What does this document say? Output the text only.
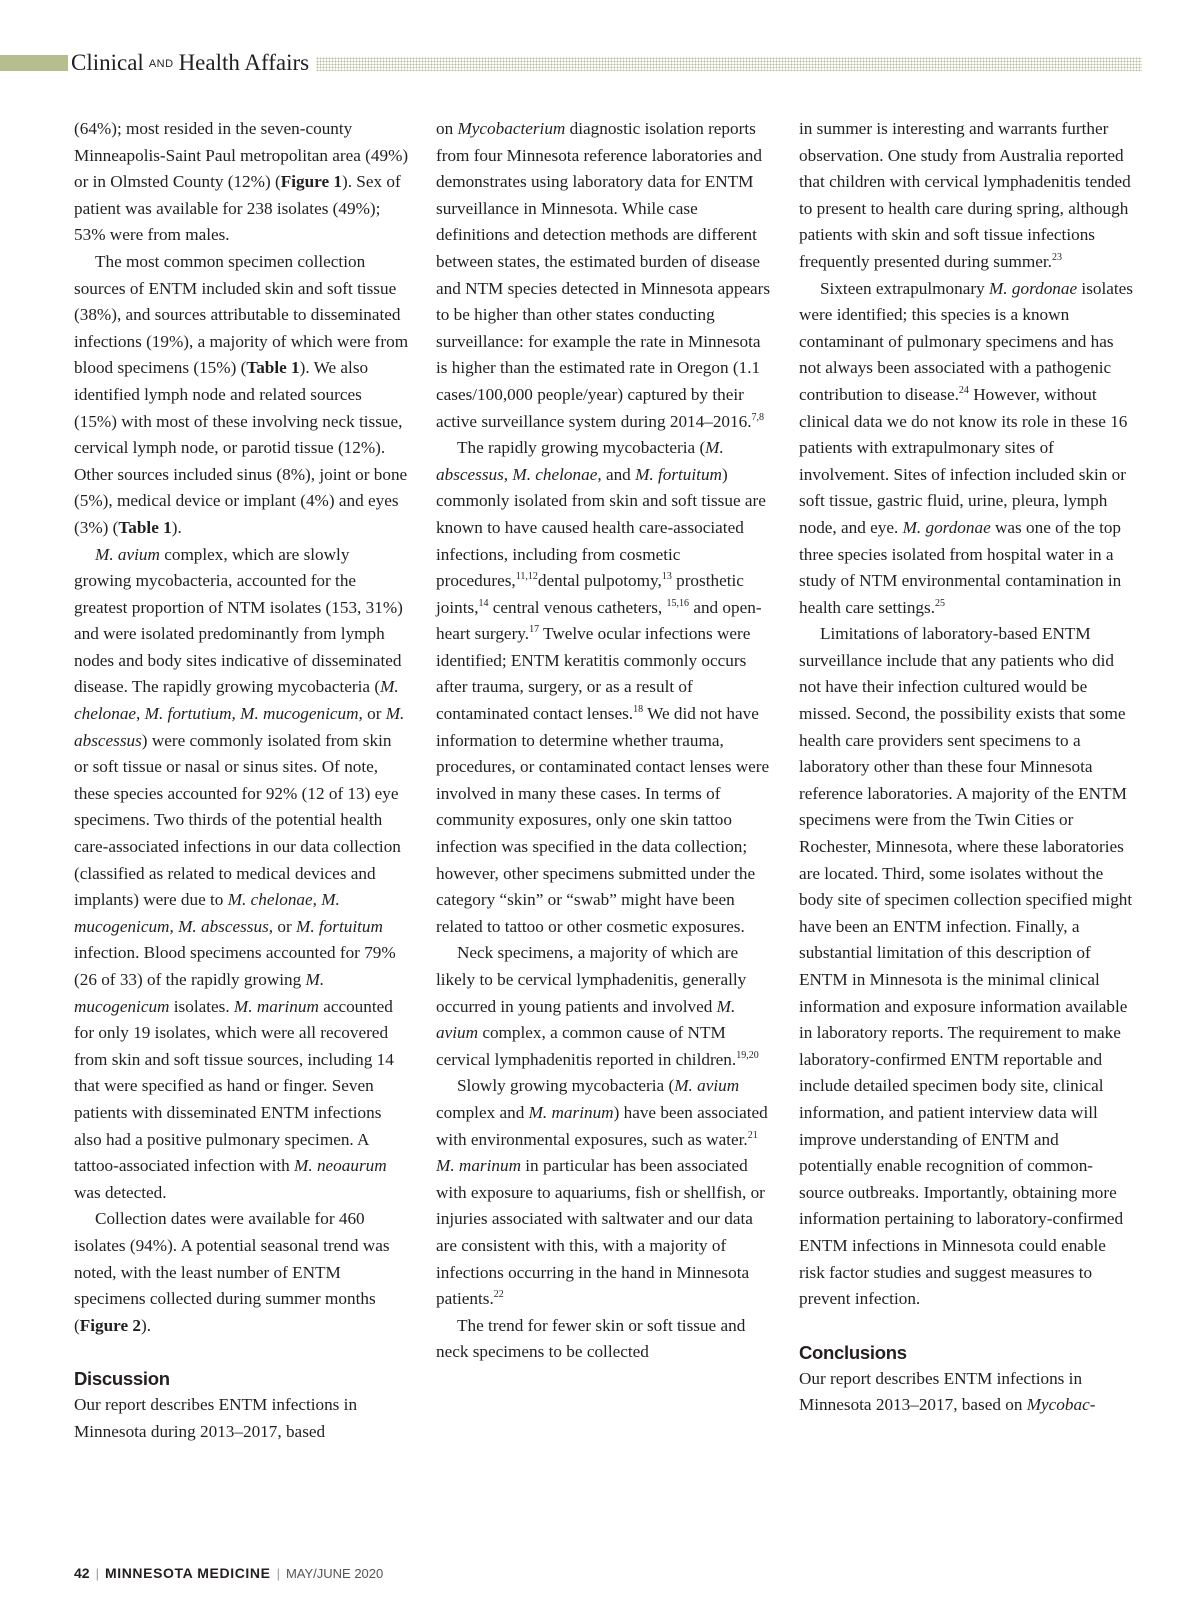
Clinical AND Health Affairs

(64%); most resided in the seven-county Minneapolis-Saint Paul metropolitan area (49%) or in Olmsted County (12%) (Figure 1). Sex of patient was available for 238 isolates (49%); 53% were from males.

The most common specimen collection sources of ENTM included skin and soft tissue (38%), and sources attributable to disseminated infections (19%), a majority of which were from blood specimens (15%) (Table 1). We also identified lymph node and related sources (15%) with most of these involving neck tissue, cervical lymph node, or parotid tissue (12%). Other sources included sinus (8%), joint or bone (5%), medical device or implant (4%) and eyes (3%) (Table 1).

M. avium complex, which are slowly growing mycobacteria, accounted for the greatest proportion of NTM isolates (153, 31%) and were isolated predominantly from lymph nodes and body sites indicative of disseminated disease. The rapidly growing mycobacteria (M. chelonae, M. fortutium, M. mucogenicum, or M. abscessus) were commonly isolated from skin or soft tissue or nasal or sinus sites. Of note, these species accounted for 92% (12 of 13) eye specimens. Two thirds of the potential health care-associated infections in our data collection (classified as related to medical devices and implants) were due to M. chelonae, M. mucogenicum, M. abscessus, or M. fortuitum infection. Blood specimens accounted for 79% (26 of 33) of the rapidly growing M. mucogenicum isolates. M. marinum accounted for only 19 isolates, which were all recovered from skin and soft tissue sources, including 14 that were specified as hand or finger. Seven patients with disseminated ENTM infections also had a positive pulmonary specimen. A tattoo-associated infection with M. neoaurum was detected.

Collection dates were available for 460 isolates (94%). A potential seasonal trend was noted, with the least number of ENTM specimens collected during summer months (Figure 2).

Discussion

Our report describes ENTM infections in Minnesota during 2013–2017, based

on Mycobacterium diagnostic isolation reports from four Minnesota reference laboratories and demonstrates using laboratory data for ENTM surveillance in Minnesota. While case definitions and detection methods are different between states, the estimated burden of disease and NTM species detected in Minnesota appears to be higher than other states conducting surveillance: for example the rate in Minnesota is higher than the estimated rate in Oregon (1.1 cases/100,000 people/year) captured by their active surveillance system during 2014–2016.$^{7,8}$

The rapidly growing mycobacteria (M. abscessus, M. chelonae, and M. fortuitum) commonly isolated from skin and soft tissue are known to have caused health care-associated infections, including from cosmetic procedures,$^{11,12}$dental pulpotomy,$^{13}$ prosthetic joints,$^{14}$ central venous catheters, $^{15,16}$ and open-heart surgery.$^{17}$ Twelve ocular infections were identified; ENTM keratitis commonly occurs after trauma, surgery, or as a result of contaminated contact lenses.$^{18}$ We did not have information to determine whether trauma, procedures, or contaminated contact lenses were involved in many these cases. In terms of community exposures, only one skin tattoo infection was specified in the data collection; however, other specimens submitted under the category “skin” or “swab” might have been related to tattoo or other cosmetic exposures.

Neck specimens, a majority of which are likely to be cervical lymphadenitis, generally occurred in young patients and involved M. avium complex, a common cause of NTM cervical lymphadenitis reported in children.$^{19,20}$

Slowly growing mycobacteria (M. avium complex and M. marinum) have been associated with environmental exposures, such as water.$^{21}$ M. marinum in particular has been associated with exposure to aquariums, fish or shellfish, or injuries associated with saltwater and our data are consistent with this, with a majority of infections occurring in the hand in Minnesota patients.$^{22}$

The trend for fewer skin or soft tissue and neck specimens to be collected

in summer is interesting and warrants further observation. One study from Australia reported that children with cervical lymphadenitis tended to present to health care during spring, although patients with skin and soft tissue infections frequently presented during summer.$^{23}$

Sixteen extrapulmonary M. gordonae isolates were identified; this species is a known contaminant of pulmonary specimens and has not always been associated with a pathogenic contribution to disease.$^{24}$ However, without clinical data we do not know its role in these 16 patients with extrapulmonary sites of involvement. Sites of infection included skin or soft tissue, gastric fluid, urine, pleura, lymph node, and eye. M. gordonae was one of the top three species isolated from hospital water in a study of NTM environmental contamination in health care settings.$^{25}$

Limitations of laboratory-based ENTM surveillance include that any patients who did not have their infection cultured would be missed. Second, the possibility exists that some health care providers sent specimens to a laboratory other than these four Minnesota reference laboratories. A majority of the ENTM specimens were from the Twin Cities or Rochester, Minnesota, where these laboratories are located. Third, some isolates without the body site of specimen collection specified might have been an ENTM infection. Finally, a substantial limitation of this description of ENTM in Minnesota is the minimal clinical information and exposure information available in laboratory reports. The requirement to make laboratory-confirmed ENTM reportable and include detailed specimen body site, clinical information, and patient interview data will improve understanding of ENTM and potentially enable recognition of common-source outbreaks. Importantly, obtaining more information pertaining to laboratory-confirmed ENTM infections in Minnesota could enable risk factor studies and suggest measures to prevent infection.

Conclusions

Our report describes ENTM infections in Minnesota 2013–2017, based on Mycobac-

42 | MINNESOTA MEDICINE | MAY/JUNE 2020
